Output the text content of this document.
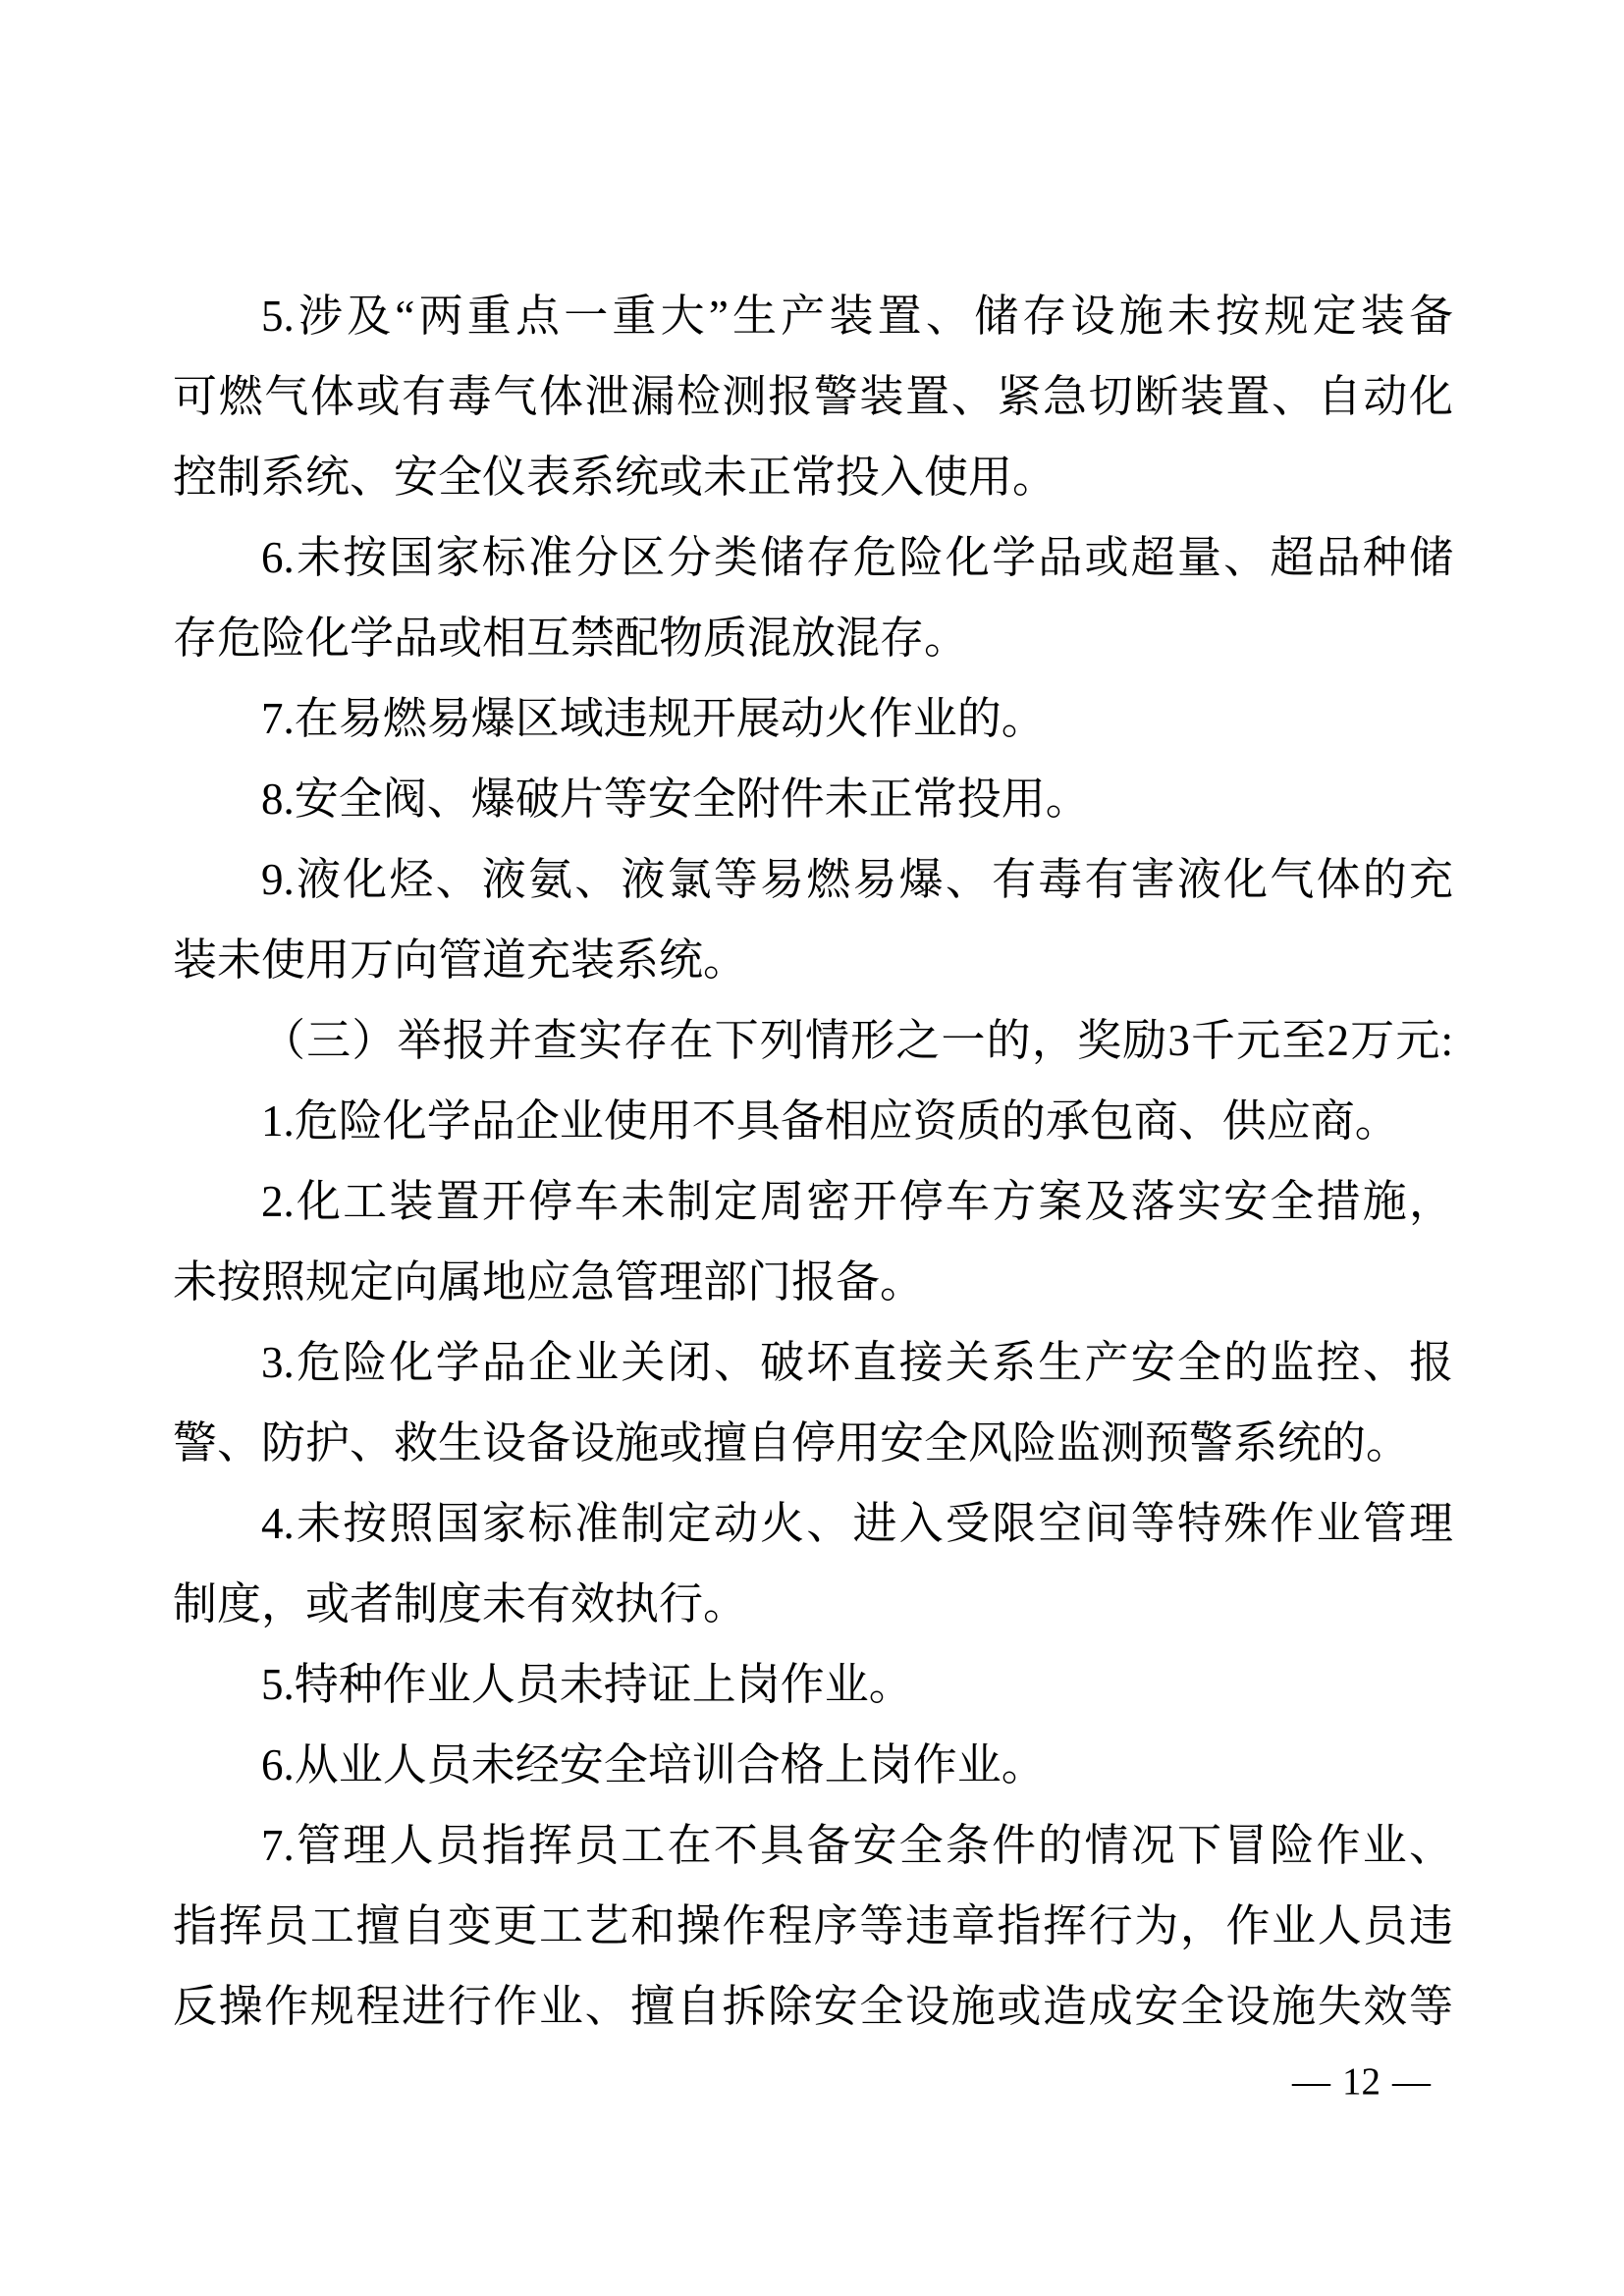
5.涉及“两重点一重大”生产装置、储存设施未按规定装备
可燃气体或有毒气体泄漏检测报警装置、紧急切断装置、自动化
控制系统、安全仪表系统或未正常投入使用。
6.未按国家标准分区分类储存危险化学品或超量、超品种储
存危险化学品或相互禁配物质混放混存。
7.在易燃易爆区域违规开展动火作业的。
8.安全阀、爆破片等安全附件未正常投用。
9.液化烃、液氨、液氯等易燃易爆、有毒有害液化气体的充
装未使用万向管道充装系统。
（三）举报并查实存在下列情形之一的，奖励3千元至2万元:
1.危险化学品企业使用不具备相应资质的承包商、供应商。
2.化工装置开停车未制定周密开停车方案及落实安全措施，
未按照规定向属地应急管理部门报备。
3.危险化学品企业关闭、破坏直接关系生产安全的监控、报
警、防护、救生设备设施或擅自停用安全风险监测预警系统的。
4.未按照国家标准制定动火、进入受限空间等特殊作业管理
制度，或者制度未有效执行。
5.特种作业人员未持证上岗作业。
6.从业人员未经安全培训合格上岗作业。
7.管理人员指挥员工在不具备安全条件的情况下冒险作业、
指挥员工擅自变更工艺和操作程序等违章指挥行为，作业人员违
反操作规程进行作业、擅自拆除安全设施或造成安全设施失效等
— 12 —
